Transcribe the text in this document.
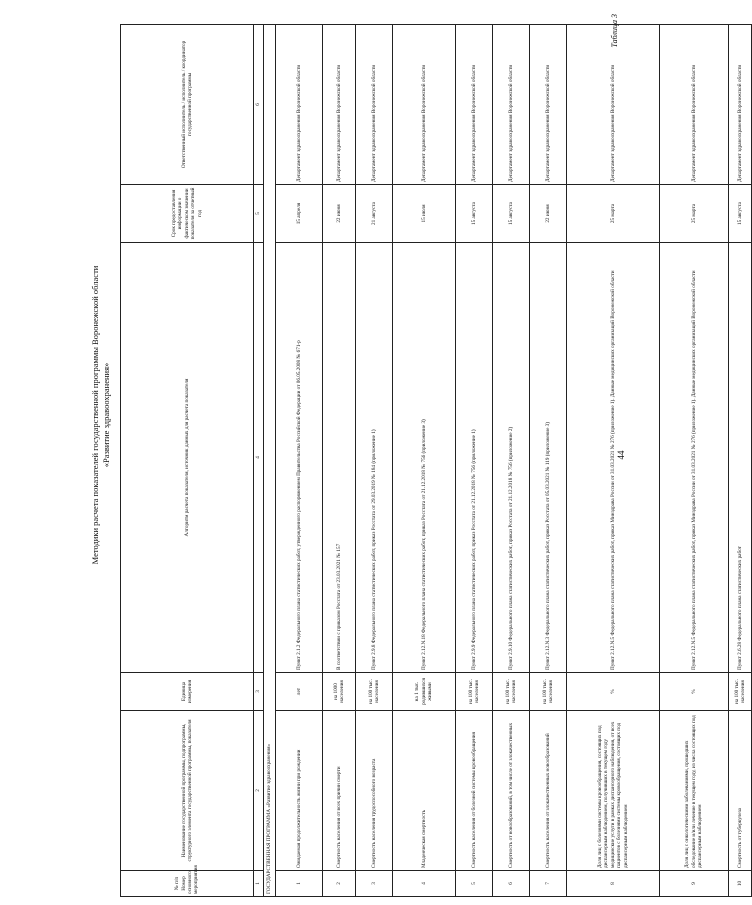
44
Таблица 3
Методики расчета показателей государственной программы Воронежской области «Развитие здравоохранения»
№ п/п Номер основного мероприятия	Наименование государственной программы, подпрограммы, структурного элемента государственной программы, показателя	Единица измерения	Алгоритм расчета показателя, источник данных для расчета показателя	Срок предоставления информации о фактическом значении показателя за отчетный год	Ответственный исполнитель / исполнитель / координатор государственной программы
1	2	3	4	5	6
ГОСУДАРСТВЕННАЯ ПРОГРАММА «Развитие здравоохранения»					
1	Ожидаемая продолжительность жизни при рождении	лет	Пункт 2.1.2 Федерального плана статистических работ, утвержденного распоряжением Правительства Российской Федерации от 06.05.2008 № 671-р	15 апреля	Департамент здравоохранения Воронежской области
2	Смертность населения от всех причин смерти	на 1000 населения	В соответствии с приказом Росстата от 23.03.2021 № 157	22 июня	Департамент здравоохранения Воронежской области
3	Смертность населения трудоспособного возраста	на 100 тыс. населения	Пункт 2.9.8 Федерального плана статистических работ, приказ Росстата от 29.03.2019 № 184 (приложение 1)	21 августа	Департамент здравоохранения Воронежской области
4	Младенческая смертность	на 1 тыс. родившихся живыми	Пункт 2.12.N.18 Федерального плана статистических работ, приказ Росстата от 21.12.2018 № 756 (приложение 3)	15 июля	Департамент здравоохранения Воронежской области
5	Смертность населения от болезней системы кровообращения	на 100 тыс. населения	Пункт 2.9.9 Федерального плана статистических работ, приказ Росстата от 21.12.2018 № 756 (приложение 1)	15 августа	Департамент здравоохранения Воронежской области
6	Смертность от новообразований, в том числе от злокачественных	на 100 тыс. населения	Пункт 2.9.10 Федерального плана статистических работ, приказ Росстата от 21.12.2018 № 756 (приложение 2)	15 августа	Департамент здравоохранения Воронежской области
7	Смертность населения от злокачественных новообразований	на 100 тыс. населения	Пункт 2.12.N.3 Федерального плана статистических работ, приказ Росстата от 05.03.2021 № 119 (приложение 3)	22 июня	Департамент здравоохранения Воронежской области
8	Доля лиц с болезнями системы кровообращения, состоящих под диспансерным наблюдением, получивших в текущем году медицинские услуги в рамках диспансерного наблюдения, от всех пациентов с болезнями системы кровообращения, состоящих под диспансерным наблюдением	%	Пункт 2.12.N.5 Федерального плана статистических работ, приказ Минздрава России от 31.03.2021 № 276 (приложение 1). Данные медицинских организаций Воронежской области	25 марта	Департамент здравоохранения Воронежской области
9	Доля лиц с онкологическими заболеваниями, прошедших обследование и/или лечение в текущем году, из числа состоящих под диспансерным наблюдением	%	Пункт 2.12.N.5 Федерального плана статистических работ, приказ Минздрава России от 31.03.2021 № 276 (приложение 1). Данные медицинских организаций Воронежской области	25 марта	Департамент здравоохранения Воронежской области
10	Смертность от туберкулеза	на 100 тыс. населения	Пункт 2.6.28 Федерального плана статистических работ	15 августа	Департамент здравоохранения Воронежской области
